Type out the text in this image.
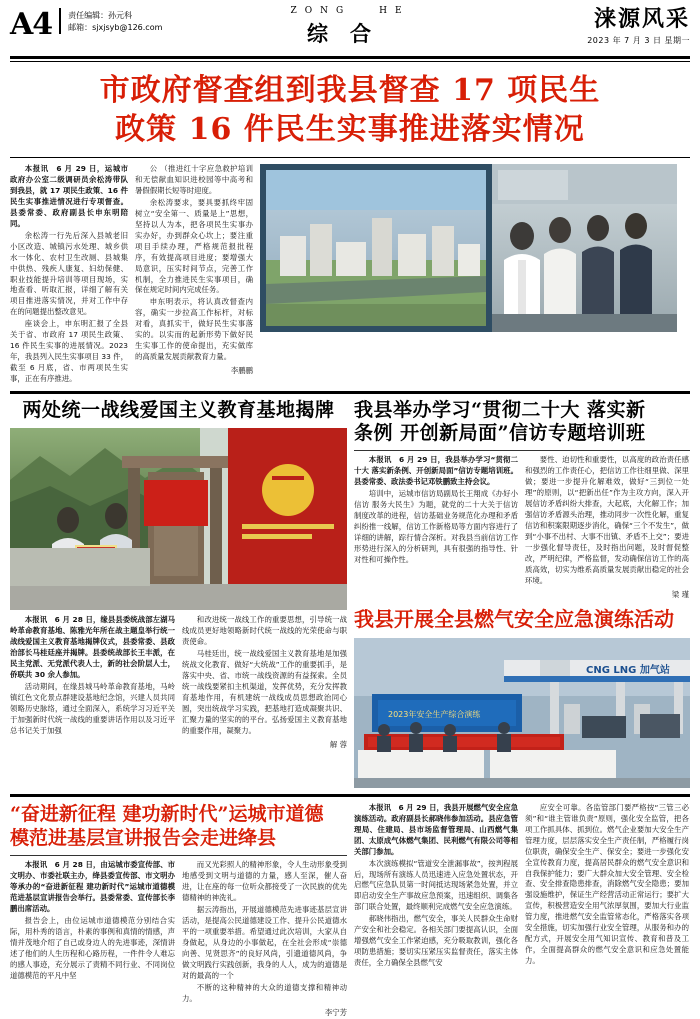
A4 责任编辑：孙元科
邮箱：sjxjsyb@126.com
ZONG	HE
综合
涞源风采
2023 年 7 月 3 日 星期一
市政府督查组到我县督查 17 项民生
政策 16 件民生实事推进落实情况

本报讯　6 月 29 日，运城市政府办公室二级调研员余松涛带队到我县，就 17 项民生政策、16 件民生实事推进情况进行专项督查。县委常委、政府副县长申东明陪同。

余松涛一行先后深入县城老旧小区改造、城镇污水处理、城乡供水一体化、农村卫生改厕、县城集中供热、残疾人康复、妇幼保健、职业技能提升培训等项目现场，实地查看、听取汇报，详细了解有关项目推进落实情况，并对工作中存在的问题提出整改意见。

座谈会上，申东明汇报了全县关于省、市政府 17 项民生政策、16 件民生实事的进展情况。2023 年，我县列入民生实事项目 33 件，截至 6 月底，省、市两项民生实事，正在有序推进。

公 （推进红十字应急救护培训和无偿献血知识进校园等中高考和暑假假期长短等时迎度。

余松涛要求，要具要抓终牢固树立“安全第一、质量是上”思想，坚持以人为本，把各项民生实事办实办好，办到群众心坎上；要注重项目手续办理，严格规范报批程序，有效提高项目进度；要增强大局意识，压实时间节点，完善工作机制，全力推进民生实事项目，确保在规定时间内完成任务。

申东明表示，将认真改督查内容，确实一步拉高工作标杆，对标对看，真抓实干，做好民生实事落实的。以实而的起新形势下做好民生实事工作的使命提出，充实做库的高质量发展贡献教育力量。

李鹏鹏
两处统一战线爱国主义教育基地揭牌

本报讯　6 月 28 日，缘县县委统战部左湖马岭革命教育基地、陈雅光年所在战主题皇举行统一战线爱国主义教育基地揭牌仪式，县委常委、县政治部长马桂廷座并揭牌。县委统战部长王丰派，在民主党派、无党派代表人士，新的社会阶层人士，侨联共 30 余人参加。

活动期间，在缘县城马岭革命教育基地，马岭镇红色文化景点群建设基地纪念馆，兴建人员共同领略历史脉络，通过全面深入，系统学习习近平关于加强新时代统一战线的重要讲话作用以及习近平总书记关于加强

和改进统一战线工作的重要思想，引导统一战线成员更好地领略新时代统一战线的光荣使命与职责使命。

马桂廷出，统一战线爱国主义教育基地是加强统战文化教育、做好“大统战”工作的重要抓手，是落实中央、省、市统一战线资源的有益探索。全员统一战线要紧扣主机渠道，发挥优势，充分发挥教育基地作用，有机建统一战线成员思想政治同心圆，突出统战学习实践，把基地打造成凝聚共识、汇聚力量的坚实的的平台。弘扬爱国主义教育基地的重要作用，凝聚力。

解 蓉
我县举办学习“贯彻二十大 落实新
条例 开创新局面”信访专题培训班

本报讯　6 月 29 日，我县举办学习“贯彻二十大 落实新条例、开创新局面”信访专题培训班。县委常委、政法委书记邓铁鹏致主持会议。

培训中，运城市信访局副局长王翔成《办好小信访 服务大民生》为题，就党的二十大关于信访制度改革的进程，信访基础业务规范化办理和矛盾纠纷推一线解，信访工作新格局等方面内容进行了详细的讲解，踪行情合深析。对我县当前信访工作形势进行深入的分析研判，具有很强的指导性、针对性和可操作性。

要性、迫切性和重要性，以高度的政治责任感和强烈的工作责任心，把信访工作往细里做、深里做；要进一步提升化解难效，做好“三到位一处理”的原则，以“把新出任”作为主攻方向，深入开展信访矛盾纠纷大排查，大起底，大化解工作；加强信访矛盾源头治理，推动同步一次性化解，重复信访和积案限期逐步消化，确保“三个不发生”，做到“小事不出村、大事不出镇、矛盾不上交”；要进一步强化督导责任，及时指出问题，及时督促整改，严明纪律，严格监督，发动确保信访工作的高质高效，切实为维系高质量发展贡献出稳定的社会环境。

梁 瑾
我县开展全县燃气安全应急演练活动
CNG LNG 加气站
2023年安全生产综合演练
“奋进新征程 建功新时代”运城市道德
模范进基层宣讲报告会走进绛县

本报讯　6 月 28 日，由运城市委宣传部、市文明办、市委社联主办，绛县委宣传部、市文明办等承办的“奋进新征程 建功新时代”运城市道德模范进基层宣讲报告会举行。县委常委、宣传部长李鹏出席活动。

报告会上，由位运城市道德模范分别结合实际，用朴秀的语言，朴素的事例和真情的情感，声情并茂地介绍了自己或身边人的先进事迹，深情讲述了他们的人生历程和心路历程，一件件令人难忘的感人事迹，充分展示了责精不同行业、不同岗位道德模范的平凡中坚

而又光彩照人的精神形象，令人生动形象受到地感受到文明与道德的力量，感人至深，催人奋进，让在座的每一位听众都接受了一次民族的优先德精神的神洗礼。

据云涛指出，开展道德模范先进事迹基层宣讲活动，是提高公民道德建设工作、提升公民道德水平的一项重要举措。希望通过此次培训，大家从自身做起，从身边的小事做起，在全社会形成“崇德向善、见贤思齐”的良好风尚，引遗道德风尚，争做文明践行实践创新，我身的人人，成为的道德是对的最高的一个

不断的这种精神的大众的道德支撑和精神动力。

李宁芳

本报讯　6 月 29 日，我县开展燃气安全应急演练活动。政府副县长郝晓伟参加活动。县应急管理局、住建局、县市场监督管理局、山西燃气集团、太原成气体燃气集团、民利燃气有限公司等相关部门参加。

本次演练模拟“管道安全泄漏事故”，按判程展后，现场所有演练人员迅速进入应急处置状态，开启燃气应急队员第一时间抵达现场紧急处置，并立即启动安全生产事故应急预案，迅速组织、调集各部门联合处置，最终顺利完成燃气安全应急演练。

郝晓伟指出，燃气安全，事关人民群众生命财产安全和社会稳定。各相关部门要提高认识，全面增强燃气安全工作紧迫感，充分吸取教训，强化各项防患措施；要切实压紧压实监督责任，落实主体责任，全力确保全县燃气安

应安全可靠。各监管部门要严格按“三管三必须”和“谁主管谁负责”原则，强化安全监管，把各项工作抓具体、抓到位。燃气企业要加大安全生产管理力度，层层落实安全生产责任制，严格履行岗位职责，确保安全生产、保安全；要进一步强化安全宣传教育力度，提高居民群众的燃气安全意识和自我保护能力；要广大群众加大安全管理、安全检查、安全排查隐患排查，消除燃气安全隐患；要加强设施维护，保证生产经营活动正常运行；要扩大宣传，积极营造安全用气浓厚氛围，要加大行业监管力度，推进燃气安全监管常态化，严格落实各项安全措施，切实加强行业安全管理，从服务和办的配方式，开展安全用气知识宣传、教育和普及工作，全面提高群众的燃气安全意识和应急处置能力。
